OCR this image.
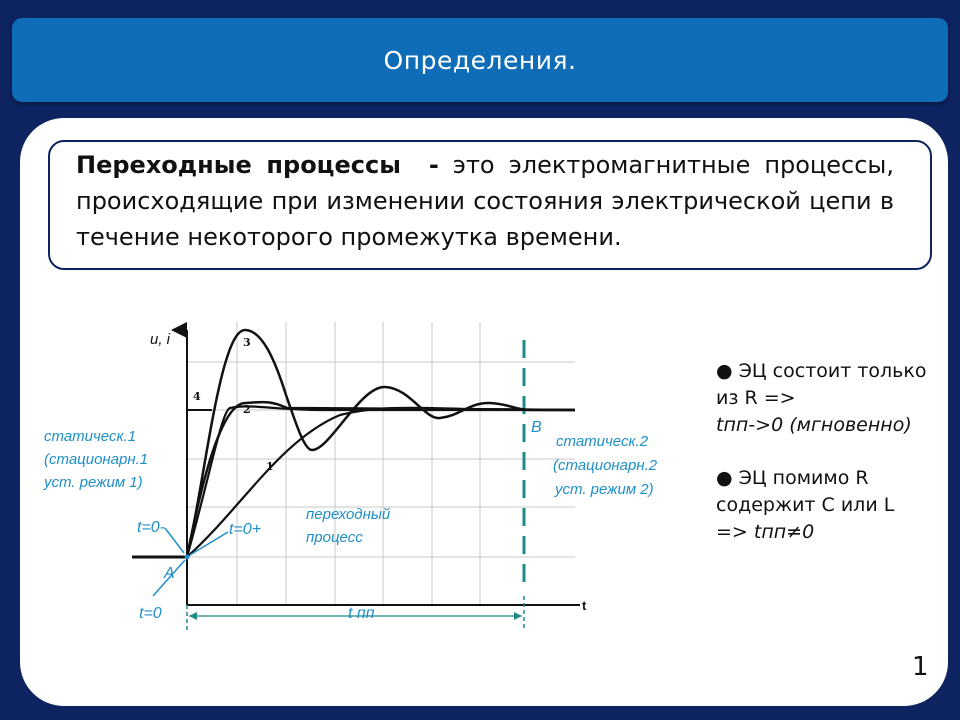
Определения.
Переходные процессы - это электромагнитные процессы, происходящие при изменении состояния электрической цепи в течение некоторого промежутка времени.
u, i
t
3
4
2
1
статическ.1
(стационарн.1
уст. режим 1)
статическ.2
(стационарн.2
уст. режим 2)
переходный
процесс
t=0-	t=0+
t=0	t пп
A
B
● ЭЦ состоит только
из R =>
tпп->0 (мгновенно)
● ЭЦ помимо R
содержит C или L
=> tпп≠0
1
